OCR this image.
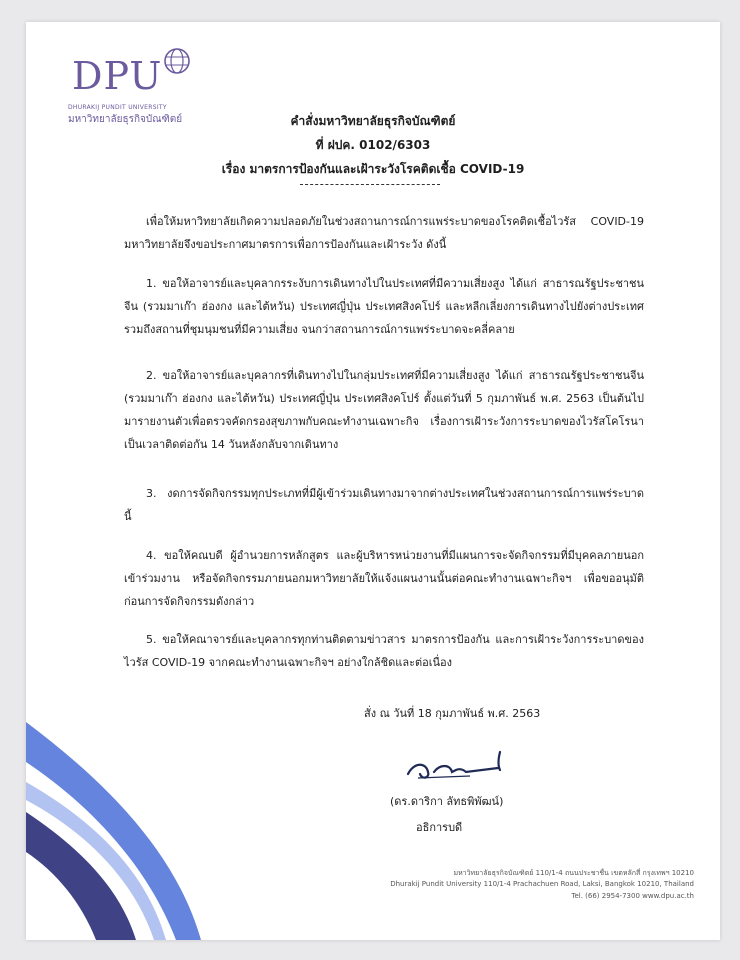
DPU
DHURAKIJ PUNDIT UNIVERSITY
มหาวิทยาลัยธุรกิจบัณฑิตย์	คำสั่งมหาวิทยาลัยธุรกิจบัณฑิตย์
ที่ ฝปค. 0102/6303
เรื่อง มาตรการป้องกันและเฝ้าระวังโรคติดเชื้อ COVID-19
เพื่อให้มหาวิทยาลัยเกิดความปลอดภัยในช่วงสถานการณ์การแพร่ระบาดของโรคติดเชื้อไวรัส COVID-19 มหาวิทยาลัยจึงขอประกาศมาตรการเพื่อการป้องกันและเฝ้าระวัง ดังนี้
1. ขอให้อาจารย์และบุคลากรระงับการเดินทางไปในประเทศที่มีความเสี่ยงสูง ได้แก่ สาธารณรัฐประชาชนจีน (รวมมาเก๊า ฮ่องกง และไต้หวัน) ประเทศญี่ปุ่น ประเทศสิงคโปร์ และหลีกเลี่ยงการเดินทางไปยังต่างประเทศรวมถึงสถานที่ชุมนุมชนที่มีความเสี่ยง จนกว่าสถานการณ์การแพร่ระบาดจะคลี่คลาย
2. ขอให้อาจารย์และบุคลากรที่เดินทางไปในกลุ่มประเทศที่มีความเสี่ยงสูง ได้แก่ สาธารณรัฐประชาชนจีน (รวมมาเก๊า ฮ่องกง และไต้หวัน) ประเทศญี่ปุ่น ประเทศสิงคโปร์ ตั้งแต่วันที่ 5 กุมภาพันธ์ พ.ศ. 2563 เป็นต้นไป มารายงานตัวเพื่อตรวจคัดกรองสุขภาพกับคณะทำงานเฉพาะกิจ เรื่องการเฝ้าระวังการระบาดของไวรัสโคโรนา เป็นเวลาติดต่อกัน 14 วันหลังกลับจากเดินทาง
3. งดการจัดกิจกรรมทุกประเภทที่มีผู้เข้าร่วมเดินทางมาจากต่างประเทศในช่วงสถานการณ์การแพร่ระบาดนี้
4. ขอให้คณบดี ผู้อำนวยการหลักสูตร และผู้บริหารหน่วยงานที่มีแผนการจะจัดกิจกรรมที่มีบุคคลภายนอกเข้าร่วมงาน หรือจัดกิจกรรมภายนอกมหาวิทยาลัยให้แจ้งแผนงานนั้นต่อคณะทำงานเฉพาะกิจฯ เพื่อขออนุมัติก่อนการจัดกิจกรรมดังกล่าว
5. ขอให้คณาจารย์และบุคลากรทุกท่านติดตามข่าวสาร มาตรการป้องกัน และการเฝ้าระวังการระบาดของไวรัส COVID-19 จากคณะทำงานเฉพาะกิจฯ อย่างใกล้ชิดและต่อเนื่อง
สั่ง ณ วันที่ 18 กุมภาพันธ์ พ.ศ. 2563
(ดร.ดาริกา ลัทธพิพัฒน์)
อธิการบดี
มหาวิทยาลัยธุรกิจบัณฑิตย์ 110/1-4 ถนนประชาชื่น เขตหลักสี่ กรุงเทพฯ 10210
Dhurakij Pundit University 110/1-4 Prachachuen Road, Laksi, Bangkok 10210, Thailand
Tel. (66) 2954-7300 www.dpu.ac.th
